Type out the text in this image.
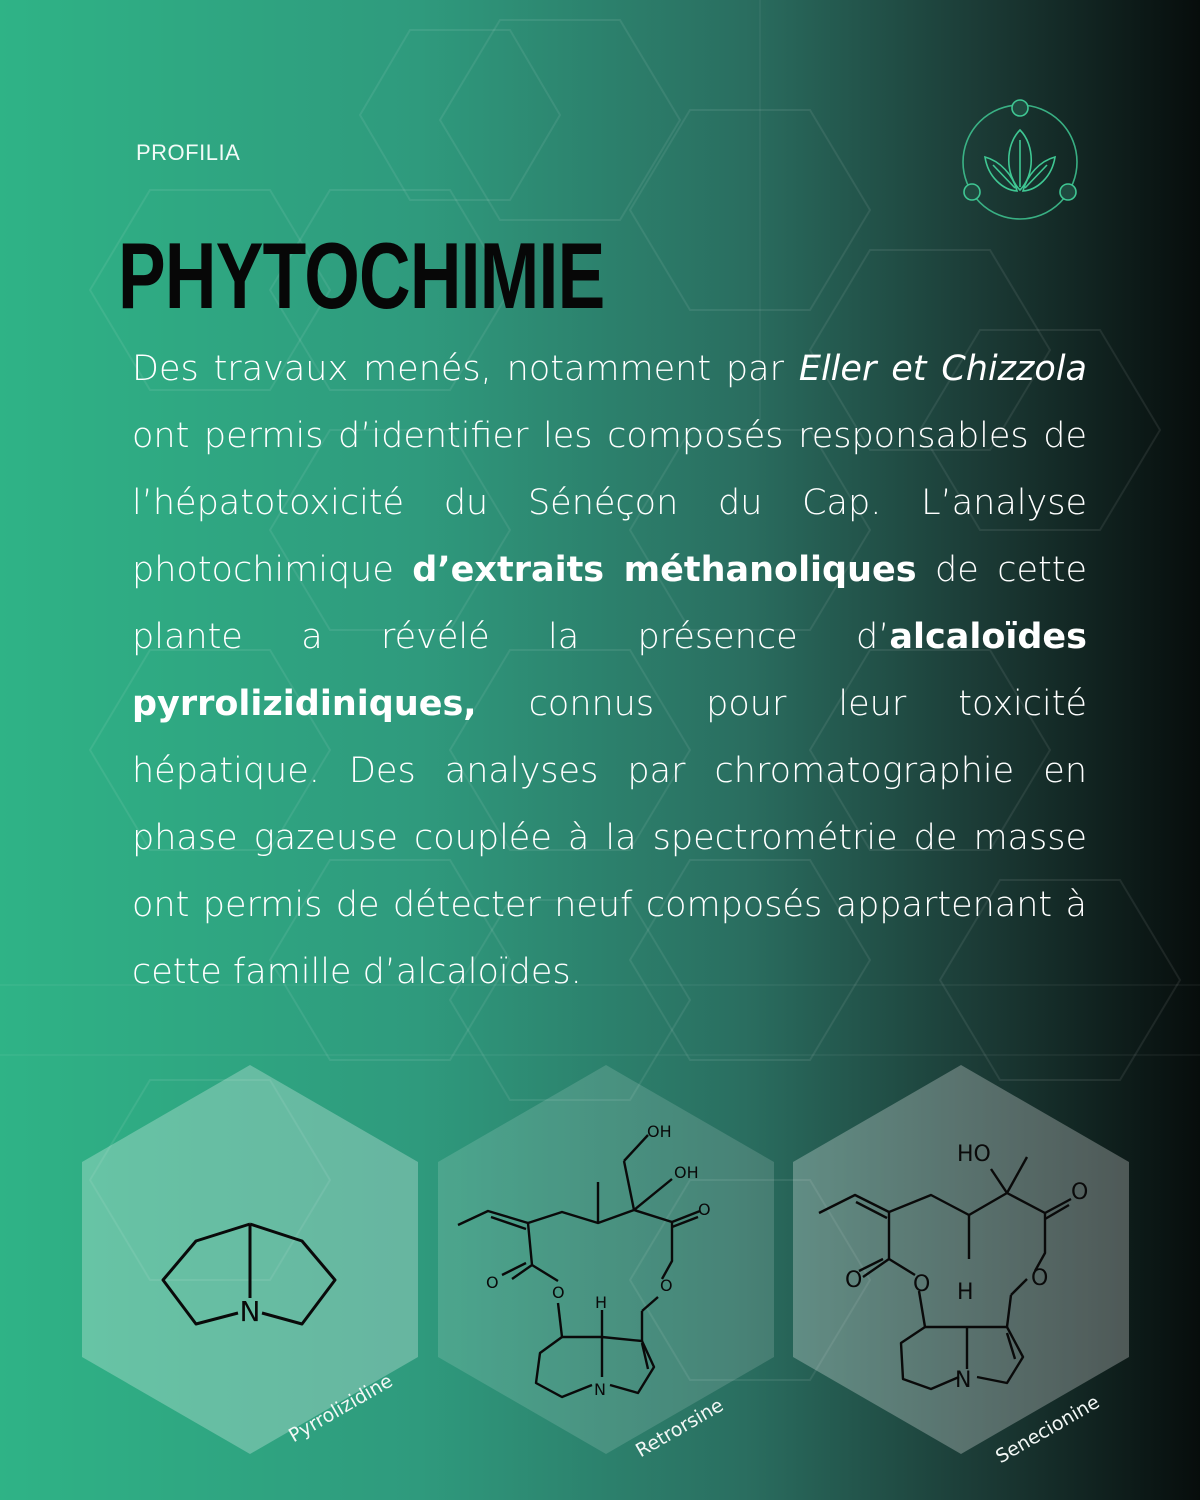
PROFILIA
PHYTOCHIMIE

Des travaux menés, notamment par Eller et Chizzola ont permis d’identifier les composés responsables de l’hépatotoxicité du Sénéçon du Cap. L’analyse photochimique d’extraits méthanoliques de cette plante a révélé la présence d’alcaloïdes pyrrolizidiniques, connus pour leur toxicité hépatique. Des analyses par chromatographie en phase gazeuse couplée à la spectrométrie de masse ont permis de détecter neuf composés appartenant à cette famille d’alcaloïdes.

N
Pyrrolizidine
OH
OH
O
O
O
O
H
N
Retrorsine
HO
O
O
O O H
N
Senecionine
